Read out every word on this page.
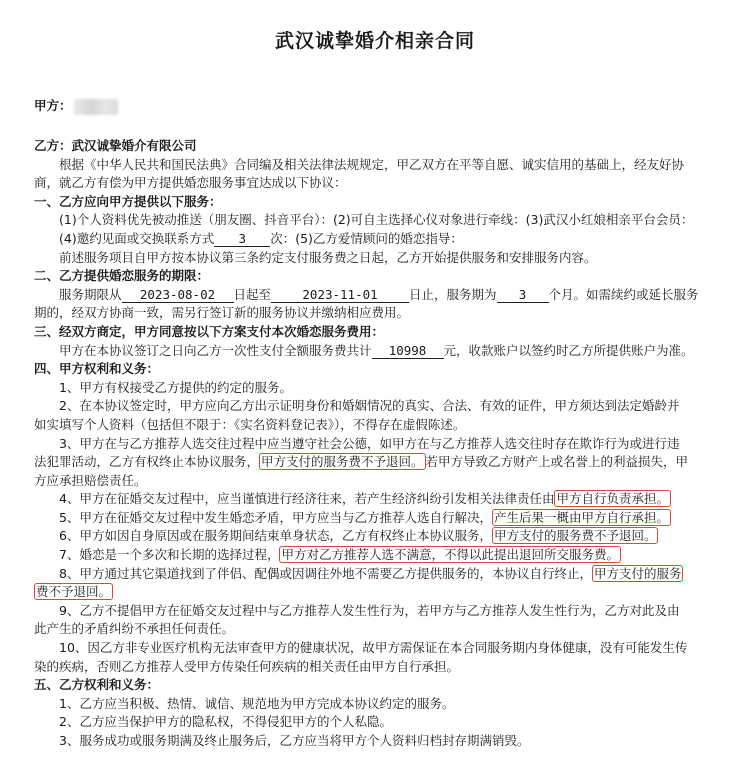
武汉诚挚婚介相亲合同
甲方：
乙方：武汉诚挚婚介有限公司
根据《中华人民共和国民法典》合同编及相关法律法规规定，甲乙双方在平等自愿、诚实信用的基础上，经友好协
商，就乙方有偿为甲方提供婚恋服务事宜达成以下协议：
一、乙方应向甲方提供以下服务：
(1)个人资料优先被动推送（朋友圈、抖音平台）：(2)可自主选择心仪对象进行牵线：(3)武汉小红娘相亲平台会员：
(4)邀约见面或交换联系方式 3 次：(5)乙方爱情顾问的婚恋指导：
前述服务项目自甲方按本协议第三条约定支付服务费之日起，乙方开始提供服务和安排服务内容。
二、乙方提供婚恋服务的期限：
服务期限从 2023-08-02 日起至	2023-11-01	日止，服务期为 3 个月。如需续约或延长服务
期的，经双方协商一致，需另行签订新的服务协议并缴纳相应费用。
三、经双方商定，甲方同意按以下方案支付本次婚恋服务费用：
甲方在本协议签订之日向乙方一次性支付全额服务费共计 10998 元，收款账户以签约时乙方所提供账户为准。
四、甲方权利和义务：
1、甲方有权接受乙方提供的约定的服务。
2、在本协议签定时，甲方应向乙方出示证明身份和婚姻情况的真实、合法、有效的证件，甲方须达到法定婚龄并
如实填写个人资料（包括但不限于：《实名资料登记表》），不得存在虚假陈述。
3、甲方在与乙方推荐人选交往过程中应当遵守社会公德，如甲方在与乙方推荐人选交往时存在欺诈行为或进行违
法犯罪活动，乙方有权终止本协议服务， 甲方支付的服务费不予退回。 若甲方导致乙方财产上或名誉上的利益损失，甲
方应承担赔偿责任。
4、甲方在征婚交友过程中，应当谨慎进行经济往来，若产生经济纠纷引发相关法律责任由 甲方自行负责承担。
5、甲方在征婚交友过程中发生婚恋矛盾，甲方应当与乙方推荐人选自行解决， 产生后果一概由甲方自行承担。
6、甲方如因自身原因或在服务期间结束单身状态，乙方有权终止本协议服务， 甲方支付的服务费不予退回。
7、婚恋是一个多次和长期的选择过程， 甲方对乙方推荐人选不满意，不得以此提出退回所交服务费。
8、甲方通过其它渠道找到了伴侣、配偶或因调往外地不需要乙方提供服务的，本协议自行终止， 甲方支付的服务
费不予退回。
9、乙方不提倡甲方在征婚交友过程中与乙方推荐人发生性行为，若甲方与乙方推荐人发生性行为，乙方对此及由
此产生的矛盾纠纷不承担任何责任。
10、因乙方非专业医疗机构无法审查甲方的健康状况，故甲方需保证在本合同服务期内身体健康，没有可能发生传
染的疾病，否则乙方推荐人受甲方传染任何疾病的相关责任由甲方自行承担。
五、乙方权利和义务：
1、乙方应当积极、热情、诚信、规范地为甲方完成本协议约定的服务。
2、乙方应当保护甲方的隐私权，不得侵犯甲方的个人私隐。
3、服务成功或服务期满及终止服务后，乙方应当将甲方个人资料归档封存期满销毁。
